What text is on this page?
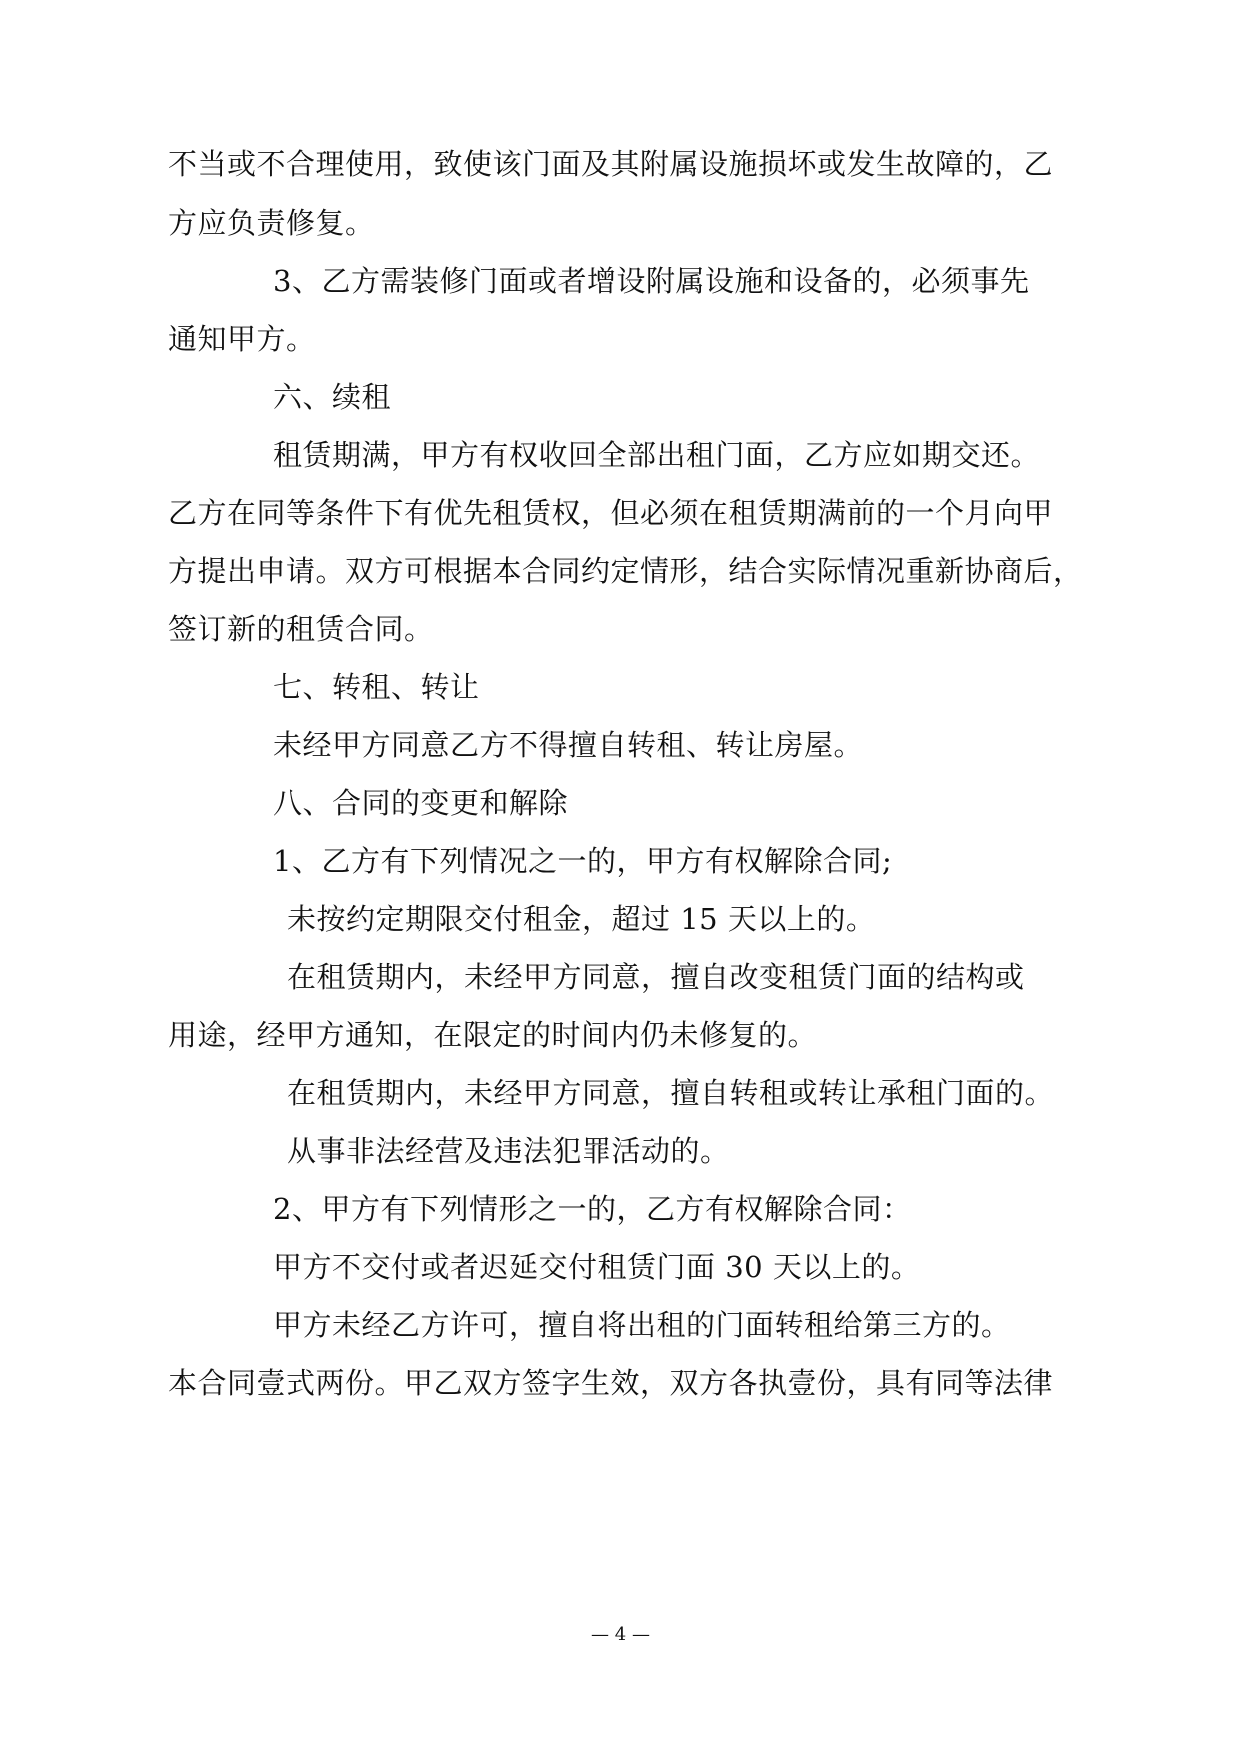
不当或不合理使用，致使该门面及其附属设施损坏或发生故障的，乙
方应负责修复。
3、乙方需装修门面或者增设附属设施和设备的，必须事先
通知甲方。
六、续租
租赁期满，甲方有权收回全部出租门面，乙方应如期交还。
乙方在同等条件下有优先租赁权，但必须在租赁期满前的一个月向甲
方提出申请。双方可根据本合同约定情形，结合实际情况重新协商后，
签订新的租赁合同。
七、转租、转让
未经甲方同意乙方不得擅自转租、转让房屋。
八、合同的变更和解除
1、乙方有下列情况之一的，甲方有权解除合同;
未按约定期限交付租金，超过 15 天以上的。
在租赁期内，未经甲方同意，擅自改变租赁门面的结构或
用途，经甲方通知，在限定的时间内仍未修复的。
在租赁期内，未经甲方同意，擅自转租或转让承租门面的。
从事非法经营及违法犯罪活动的。
2、甲方有下列情形之一的，乙方有权解除合同：
甲方不交付或者迟延交付租赁门面 30 天以上的。
甲方未经乙方许可，擅自将出租的门面转租给第三方的。
本合同壹式两份。甲乙双方签字生效，双方各执壹份，具有同等法律
— 4 —
